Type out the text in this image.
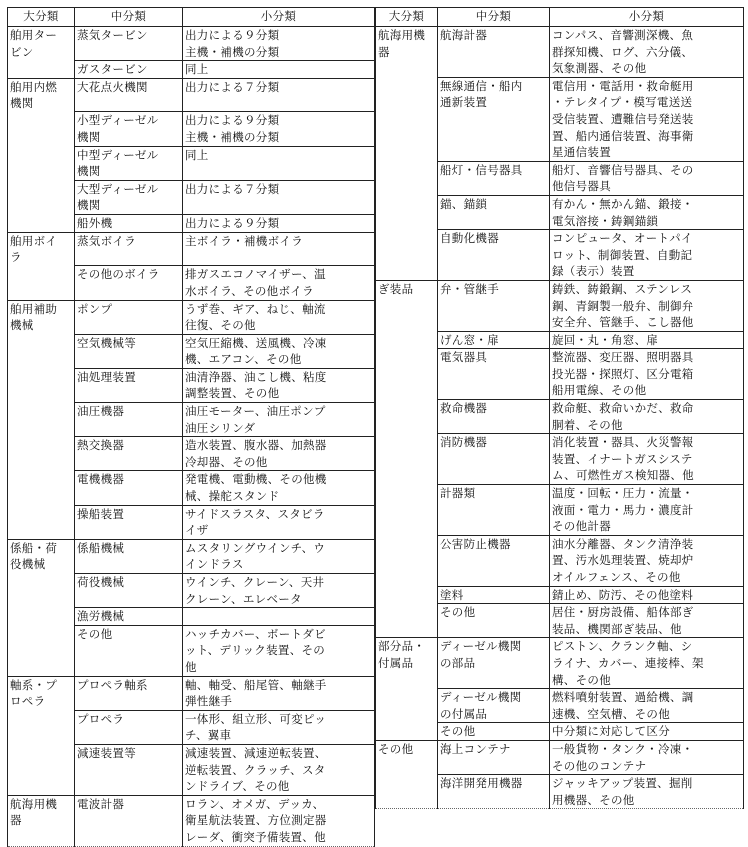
大分類	中分類	小分類

舶用ター
ビン	蒸気タービン	出力による９分類
主機・補機の分類

	ガスタービン	同上

舶用内燃
機関	大花点火機関	出力による７分類

	小型ディーゼル
機関	出力による９分類
主機・補機の分類

	中型ディーゼル
機関	同上

	大型ディーゼル
機関	出力による７分類

	船外機	出力による９分類

舶用ボイ
ラ	蒸気ボイラ	主ボイラ・補機ボイラ

	その他のボイラ	排ガスエコノマイザー、温
水ボイラ、その他ボイラ

舶用補助
機械	ポンプ	うず巻、ギア、ねじ、軸流
往復、その他

	空気機械等	空気圧縮機、送風機、冷凍
機、エアコン、その他

	油処理装置	油清浄器、油こし機、粘度
調整装置、その他

	油圧機器	油圧モーター、油圧ポンプ
油圧シリンダ

	熱交換器	造水装置、腹水器、加熱器
冷却器、その他

	電機機器	発電機、電動機、その他機
械、操舵スタンド

	操船装置	サイドスラスタ、スタビラ
イザ

係船・荷
役機械	係船機械	ムスタリングウインチ、ウ
インドラス

	荷役機械	ウインチ、クレーン、天井
クレーン、エレベータ

	漁労機械	

	その他	ハッチカバー、ボートダビ
ット、デリック装置、その
他

軸系・プ
ロペラ	プロペラ軸系	軸、軸受、船尾管、軸継手
弾性継手

	プロペラ	一体形、組立形、可変ピッ
チ、翼車

	減速装置等	減速装置、減速逆転装置、
逆転装置、クラッチ、スタ
ンドライブ、その他

航海用機
器	電波計器	ロラン、オメガ、デッカ、
衛星航法装置、方位測定器
レーダ、衝突予備装置、他
大分類	中分類	小分類

航海用機
器	航海計器	コンパス、音響測深機、魚
群探知機、ログ、六分儀、
気象測器、その他

	無線通信・船内
通新装置	電信用・電話用・救命艇用
・テレタイプ・模写電送送
受信装置、遭難信号発送装
置、船内通信装置、海事衛
星通信装置

	船灯・信号器具	船灯、音響信号器具、その
他信号器具

	錨、錨鎖	有かん・無かん錨、鍛接・
電気溶接・鋳鋼錨鎖

	自動化機器	コンピュータ、オートパイ
ロット、制御装置、自動記
録（表示）装置

ぎ装品	弁・管継手	鋳鉄、鋳鍛鋼、ステンレス
鋼、青銅製一般弁、制御弁
安全弁、管継手、こし器他

	げん窓・扉	旋回・丸・角窓、扉

	電気器具	整流器、変圧器、照明器具
投光器・探照灯、区分電箱
船用電線、その他

	救命機器	救命艇、救命いかだ、救命
胴着、その他

	消防機器	消化装置・器具、火災警報
装置、イナートガスシステ
ム、可燃性ガス検知器、他

	計器類	温度・回転・圧力・流量・
液面・電力・馬力・濃度計
その他計器

	公害防止機器	油水分離器、タンク清浄装
置、汚水処理装置、焼却炉
オイルフェンス、その他

	塗料	錆止め、防汚、その他塗料

	その他	居住・厨房設備、船体部ぎ
装品、機関部ぎ装品、他

部分品・
付属品	ディーゼル機関
の部品	ピストン、クランク軸、シ
ライナ、カバー、連接棒、架
構、その他

	ディーゼル機関
の付属品	燃料噴射装置、過給機、調
速機、空気槽、その他

	その他	中分類に対応して区分

その他	海上コンテナ	一般貨物・タンク・冷凍・
その他のコンテナ

	海洋開発用機器	ジャッキアップ装置、掘削
用機器、その他
